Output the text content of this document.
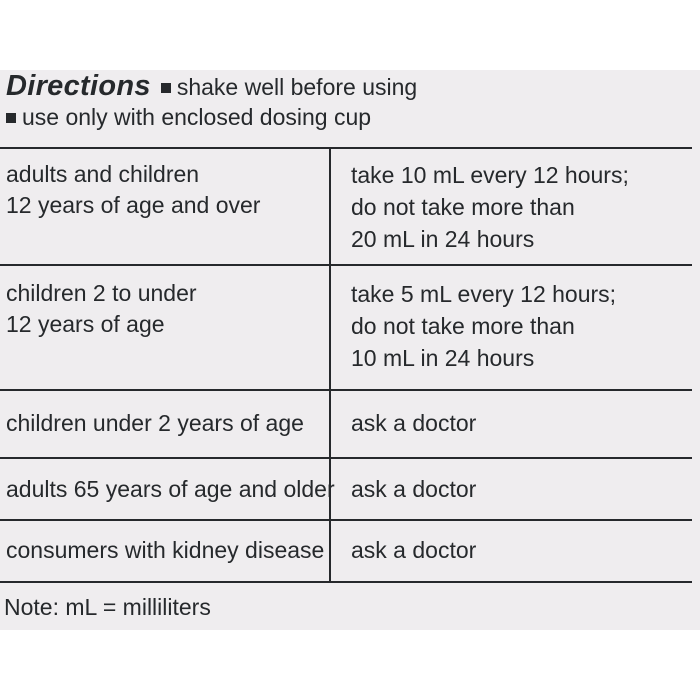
Directions shake well before using
use only with enclosed dosing cup
adults and children
12 years of age and over
take 10 mL every 12 hours;
do not take more than
20 mL in 24 hours
children 2 to under
12 years of age
take 5 mL every 12 hours;
do not take more than
10 mL in 24 hours
children under 2 years of age ask a doctor
adults 65 years of age and older ask a doctor
consumers with kidney disease ask a doctor
Note: mL = milliliters
